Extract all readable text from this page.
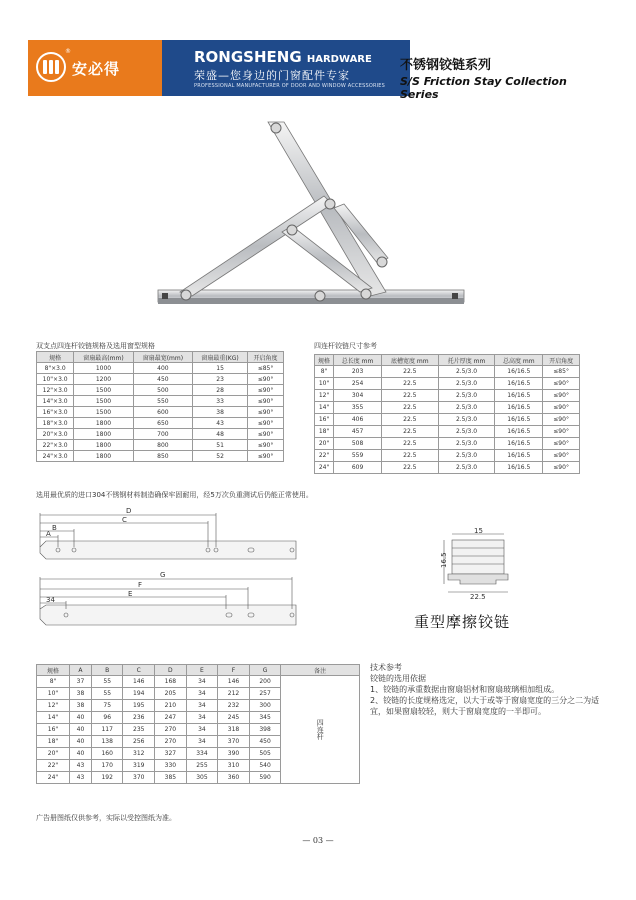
®
安必得
RONGSHENG HARDWARE
荣盛—您身边的门窗配件专家
PROFESSIONAL MANUFACTURER OF DOOR AND WINDOW ACCESSORIES
不锈钢铰链系列
S/S Friction Stay Collection Series
双支点四连杆铰链规格及选用窗型规格
规格	窗扇最高(mm)	窗扇最宽(mm)	窗扇最重(KG)	开启角度
8"×3.0	1000	400	15	≤85°
10"×3.0	1200	450	23	≤90°
12"×3.0	1500	500	28	≤90°
14"×3.0	1500	550	33	≤90°
16"×3.0	1500	600	38	≤90°
18"×3.0	1800	650	43	≤90°
20"×3.0	1800	700	48	≤90°
22"×3.0	1800	800	51	≤90°
24"×3.0	1800	850	52	≤90°
四连杆铰链尺寸参考
规格	总长度 mm	底槽宽度 mm	托片厚度 mm	总高度 mm	开启角度
8"	203	22.5	2.5/3.0	16/16.5	≤85°
10"	254	22.5	2.5/3.0	16/16.5	≤90°
12"	304	22.5	2.5/3.0	16/16.5	≤90°
14"	355	22.5	2.5/3.0	16/16.5	≤90°
16"	406	22.5	2.5/3.0	16/16.5	≤90°
18"	457	22.5	2.5/3.0	16/16.5	≤90°
20"	508	22.5	2.5/3.0	16/16.5	≤90°
22"	559	22.5	2.5/3.0	16/16.5	≤90°
24"	609	22.5	2.5/3.0	16/16.5	≤90°
选用最优质的进口304不锈钢材料制造确保牢固耐用，经5万次负重测试后仍能正常使用。
D
C
B
A
G
F
E
34
15
16.5
22.5
重型摩擦铰链
规格	A	B	C	D	E	F	G	备注
8"	37	55	146	168	34	146	200	四连杆
10"	38	55	194	205	34	212	257	
12"	38	75	195	210	34	232	300	
14"	40	96	236	247	34	245	345	
16"	40	117	235	270	34	318	398	
18"	40	138	256	270	34	370	450	
20"	40	160	312	327	334	390	505	
22"	43	170	319	330	255	310	540	
24"	43	192	370	385	305	360	590	

技术参考

铰链的选用依据

1、铰链的承重数据由窗扇铝材和窗扇玻璃相加组成。

2、铰链的长度规格选定，以大于或等于窗扇宽度的三分之二为适宜，如果窗扇较轻，则大于窗扇宽度的一半即可。

广告册图纸仅供参考，实际以受控图纸为准。
— 03 —
